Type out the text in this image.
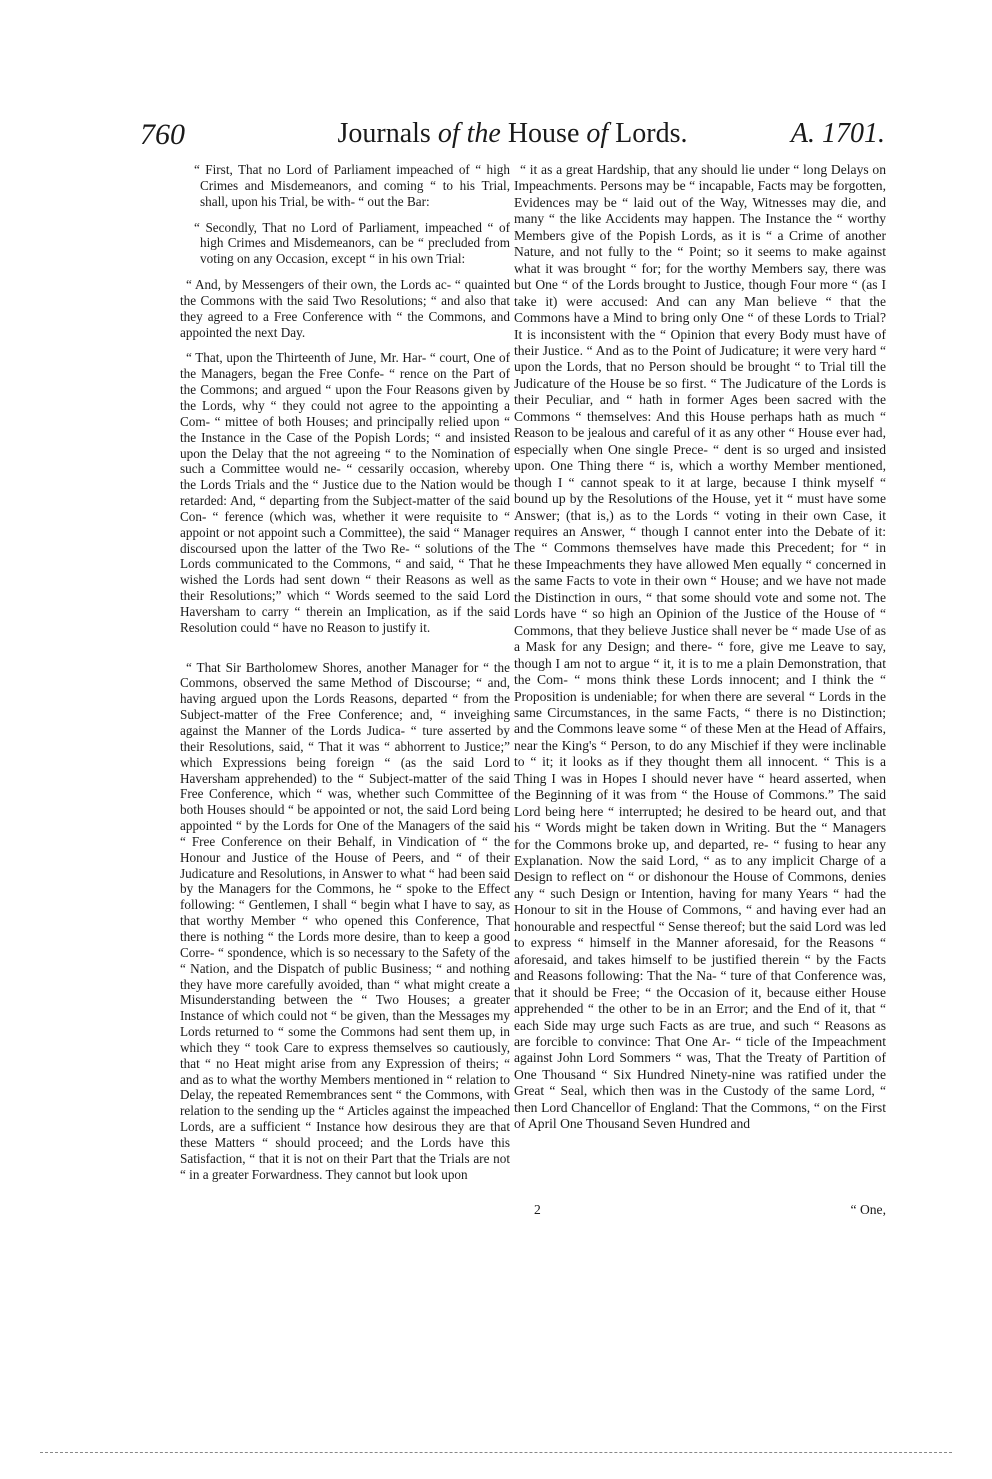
760	Journals of the House of Lords.	A. 1701.

“ First, That no Lord of Parliament impeached of “ high Crimes and Misdemeanors, and coming “ to his Trial, shall, upon his Trial, be with- “ out the Bar:

“ Secondly, That no Lord of Parliament, impeached “ of high Crimes and Misdemeanors, can be “ precluded from voting on any Occasion, except “ in his own Trial:

“ And, by Messengers of their own, the Lords ac- “ quainted the Commons with the said Two Resolutions; “ and also that they agreed to a Free Conference with “ the Commons, and appointed the next Day.

“ That, upon the Thirteenth of June, Mr. Har- “ court, One of the Managers, began the Free Confe- “ rence on the Part of the Commons; and argued “ upon the Four Reasons given by the Lords, why “ they could not agree to the appointing a Com- “ mittee of both Houses; and principally relied upon “ the Instance in the Case of the Popish Lords; “ and insisted upon the Delay that the not agreeing “ to the Nomination of such a Committee would ne- “ cessarily occasion, whereby the Lords Trials and the “ Justice due to the Nation would be retarded: And, “ departing from the Subject-matter of the said Con- “ ference (which was, whether it were requisite to “ appoint or not appoint such a Committee), the said “ Manager discoursed upon the latter of the Two Re- “ solutions of the Lords communicated to the Commons, “ and said, “ That he wished the Lords had sent down “ their Reasons as well as their Resolutions;” which “ Words seemed to the said Lord Haversham to carry “ therein an Implication, as if the said Resolution could “ have no Reason to justify it.

“ That Sir Bartholomew Shores, another Manager for “ the Commons, observed the same Method of Discourse; “ and, having argued upon the Lords Reasons, departed “ from the Subject-matter of the Free Conference; and, “ inveighing against the Manner of the Lords Judica- “ ture asserted by their Resolutions, said, “ That it was “ abhorrent to Justice;” which Expressions being foreign “ (as the said Lord Haversham apprehended) to the “ Subject-matter of the said Free Conference, which “ was, whether such Committee of both Houses should “ be appointed or not, the said Lord being appointed “ by the Lords for One of the Managers of the said “ Free Conference on their Behalf, in Vindication of “ the Honour and Justice of the House of Peers, and “ of their Judicature and Resolutions, in Answer to what “ had been said by the Managers for the Commons, he “ spoke to the Effect following: “ Gentlemen, I shall “ begin what I have to say, as that worthy Member “ who opened this Conference, That there is nothing “ the Lords more desire, than to keep a good Corre- “ spondence, which is so necessary to the Safety of the “ Nation, and the Dispatch of public Business; “ and nothing they have more carefully avoided, than “ what might create a Misunderstanding between the “ Two Houses; a greater Instance of which could not “ be given, than the Messages my Lords returned to “ some the Commons had sent them up, in which they “ took Care to express themselves so cautiously, that “ no Heat might arise from any Expression of theirs; “ and as to what the worthy Members mentioned in “ relation to Delay, the repeated Remembrances sent “ the Commons, with relation to the sending up the “ Articles against the impeached Lords, are a sufficient “ Instance how desirous they are that these Matters “ should proceed; and the Lords have this Satisfaction, “ that it is not on their Part that the Trials are not “ in a greater Forwardness. They cannot but look upon

“ it as a great Hardship, that any should lie under “ long Delays on Impeachments. Persons may be “ incapable, Facts may be forgotten, Evidences may be “ laid out of the Way, Witnesses may die, and many “ the like Accidents may happen. The Instance the “ worthy Members give of the Popish Lords, as it is “ a Crime of another Nature, and not fully to the “ Point; so it seems to make against what it was brought “ for; for the worthy Members say, there was but One “ of the Lords brought to Justice, though Four more “ (as I take it) were accused: And can any Man believe “ that the Commons have a Mind to bring only One “ of these Lords to Trial? It is inconsistent with the “ Opinion that every Body must have of their Justice. “ And as to the Point of Judicature; it were very hard “ upon the Lords, that no Person should be brought “ to Trial till the Judicature of the House be so first. “ The Judicature of the Lords is their Peculiar, and “ hath in former Ages been sacred with the Commons “ themselves: And this House perhaps hath as much “ Reason to be jealous and careful of it as any other “ House ever had, especially when One single Prece- “ dent is so urged and insisted upon. One Thing there “ is, which a worthy Member mentioned, though I “ cannot speak to it at large, because I think myself “ bound up by the Resolutions of the House, yet it “ must have some Answer; (that is,) as to the Lords “ voting in their own Case, it requires an Answer, “ though I cannot enter into the Debate of it: The “ Commons themselves have made this Precedent; for “ in these Impeachments they have allowed Men equally “ concerned in the same Facts to vote in their own “ House; and we have not made the Distinction in ours, “ that some should vote and some not. The Lords have “ so high an Opinion of the Justice of the House of “ Commons, that they believe Justice shall never be “ made Use of as a Mask for any Design; and there- “ fore, give me Leave to say, though I am not to argue “ it, it is to me a plain Demonstration, that the Com- “ mons think these Lords innocent; and I think the “ Proposition is undeniable; for when there are several “ Lords in the same Circumstances, in the same Facts, “ there is no Distinction; and the Commons leave some “ of these Men at the Head of Affairs, near the King's “ Person, to do any Mischief if they were inclinable to “ it; it looks as if they thought them all innocent. “ This is a Thing I was in Hopes I should never have “ heard asserted, when the Beginning of it was from “ the House of Commons.” The said Lord being here “ interrupted; he desired to be heard out, and that his “ Words might be taken down in Writing. But the “ Managers for the Commons broke up, and departed, re- “ fusing to hear any Explanation. Now the said Lord, “ as to any implicit Charge of a Design to reflect on “ or dishonour the House of Commons, denies any “ such Design or Intention, having for many Years “ had the Honour to sit in the House of Commons, “ and having ever had an honourable and respectful “ Sense thereof; but the said Lord was led to express “ himself in the Manner aforesaid, for the Reasons “ aforesaid, and takes himself to be justified therein “ by the Facts and Reasons following: That the Na- “ ture of that Conference was, that it should be Free; “ the Occasion of it, because either House apprehended “ the other to be in an Error; and the End of it, that “ each Side may urge such Facts as are true, and such “ Reasons as are forcible to convince: That One Ar- “ ticle of the Impeachment against John Lord Sommers “ was, That the Treaty of Partition of One Thousand “ Six Hundred Ninety-nine was ratified under the Great “ Seal, which then was in the Custody of the same Lord, “ then Lord Chancellor of England: That the Commons, “ on the First of April One Thousand Seven Hundred and

2	“ One,
